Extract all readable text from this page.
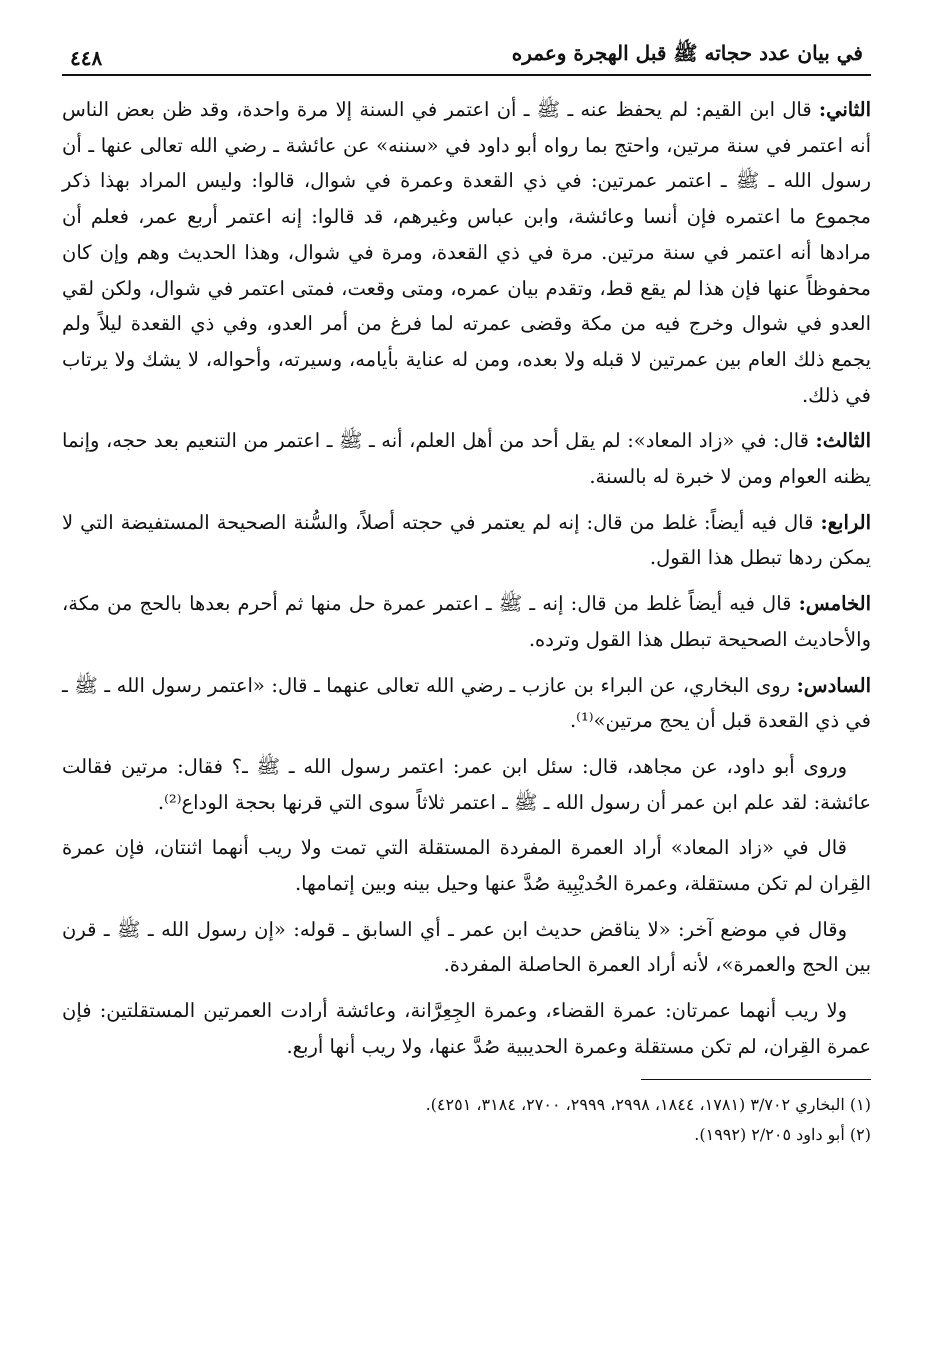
في بيان عدد حجاته ﷺ قبل الهجرة وعمره
٤٤٨

الثاني: قال ابن القيم: لم يحفظ عنه ـ ﷺ ـ أن اعتمر في السنة إلا مرة واحدة، وقد ظن بعض الناس أنه اعتمر في سنة مرتين، واحتج بما رواه أبو داود في «سننه» عن عائشة ـ رضي الله تعالى عنها ـ أن رسول الله ـ ﷺ ـ اعتمر عمرتين: في ذي القعدة وعمرة في شوال، قالوا: وليس المراد بهذا ذكر مجموع ما اعتمره فإن أنسا وعائشة، وابن عباس وغيرهم، قد قالوا: إنه اعتمر أربع عمر، فعلم أن مرادها أنه اعتمر في سنة مرتين. مرة في ذي القعدة، ومرة في شوال، وهذا الحديث وهم وإن كان محفوظاً عنها فإن هذا لم يقع قط، وتقدم بيان عمره، ومتى وقعت، فمتى اعتمر في شوال، ولكن لقي العدو في شوال وخرج فيه من مكة وقضى عمرته لما فرغ من أمر العدو، وفي ذي القعدة ليلاً ولم يجمع ذلك العام بين عمرتين لا قبله ولا بعده، ومن له عناية بأيامه، وسيرته، وأحواله، لا يشك ولا يرتاب في ذلك.

الثالث: قال: في «زاد المعاد»: لم يقل أحد من أهل العلم، أنه ـ ﷺ ـ اعتمر من التنعيم بعد حجه، وإنما يظنه العوام ومن لا خبرة له بالسنة.

الرابع: قال فيه أيضاً: غلط من قال: إنه لم يعتمر في حجته أصلاً، والسُّنة الصحيحة المستفيضة التي لا يمكن ردها تبطل هذا القول.

الخامس: قال فيه أيضاً غلط من قال: إنه ـ ﷺ ـ اعتمر عمرة حل منها ثم أحرم بعدها بالحج من مكة، والأحاديث الصحيحة تبطل هذا القول وترده.

السادس: روى البخاري، عن البراء بن عازب ـ رضي الله تعالى عنهما ـ قال: «اعتمر رسول الله ـ ﷺ ـ في ذي القعدة قبل أن يحج مرتين»⁽¹⁾.

وروى أبو داود، عن مجاهد، قال: سئل ابن عمر: اعتمر رسول الله ـ ﷺ ـ؟ فقال: مرتين فقالت عائشة: لقد علم ابن عمر أن رسول الله ـ ﷺ ـ اعتمر ثلاثاً سوى التي قرنها بحجة الوداع⁽²⁾.

قال في «زاد المعاد» أراد العمرة المفردة المستقلة التي تمت ولا ريب أنهما اثنتان، فإن عمرة القِران لم تكن مستقلة، وعمرة الحُديْبِية صُدَّ عنها وحيل بينه وبين إتمامها.

وقال في موضع آخر: «لا يناقض حديث ابن عمر ـ أي السابق ـ قوله: «إن رسول الله ـ ﷺ ـ قرن بين الحج والعمرة»، لأنه أراد العمرة الحاصلة المفردة.

ولا ريب أنهما عمرتان: عمرة القضاء، وعمرة الجِعِرَّانة، وعائشة أرادت العمرتين المستقلتين: فإن عمرة القِران، لم تكن مستقلة وعمرة الحديبية صُدَّ عنها، ولا ريب أنها أربع.

(١) البخاري ٣/٧٠٢ (١٧٨١، ١٨٤٤، ٢٩٩٨، ٢٩٩٩، ٢٧٠٠، ٣١٨٤، ٤٢٥١).

(٢) أبو داود ٢/٢٠٥ (١٩٩٢).
